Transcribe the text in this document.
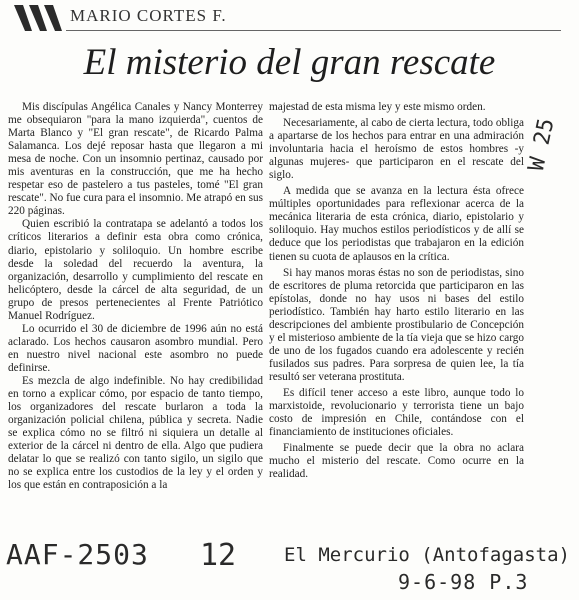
MARIO CORTES F.
El misterio del gran rescate

Mis discípulas Angélica Canales y Nancy Monterrey me obsequiaron "para la mano izquierda", cuentos de Marta Blanco y "El gran rescate", de Ricardo Palma Salamanca. Los dejé reposar hasta que llegaron a mi mesa de noche. Con un insomnio pertinaz, causado por mis aventuras en la construcción, que me ha hecho respetar eso de pastelero a tus pasteles, tomé "El gran rescate". No fue cura para el insomnio. Me atrapó en sus 220 páginas.

Quien escribió la contratapa se adelantó a todos los críticos literarios a definir esta obra como crónica, diario, epistolario y soliloquio. Un hombre escribe desde la soledad del recuerdo la aventura, la organización, desarrollo y cumplimiento del rescate en helicóptero, desde la cárcel de alta seguridad, de un grupo de presos pertenecientes al Frente Patriótico Manuel Rodríguez.

Lo ocurrido el 30 de diciembre de 1996 aún no está aclarado. Los hechos causaron asombro mundial. Pero en nuestro nivel nacional este asombro no puede definirse.

Es mezcla de algo indefinible. No hay credibilidad en torno a explicar cómo, por espacio de tanto tiempo, los organizadores del rescate burlaron a toda la organización policial chilena, pública y secreta. Nadie se explica cómo no se filtró ni siquiera un detalle al exterior de la cárcel ni dentro de ella. Algo que pudiera delatar lo que se realizó con tanto sigilo, un sigilo que no se explica entre los custodios de la ley y el orden y los que están en contraposición a la

majestad de esta misma ley y este mismo orden.

Necesariamente, al cabo de cierta lectura, todo obliga a apartarse de los hechos para entrar en una admiración involuntaria hacia el heroísmo de estos hombres -y algunas mujeres- que participaron en el rescate del siglo.

A medida que se avanza en la lectura ésta ofrece múltiples oportunidades para reflexionar acerca de la mecánica literaria de esta crónica, diario, epistolario y soliloquio. Hay muchos estilos periodísticos y de allí se deduce que los periodistas que trabajaron en la edición tienen su cuota de aplausos en la crítica.

Si hay manos moras éstas no son de periodistas, sino de escritores de pluma retorcida que participaron en las epístolas, donde no hay usos ni bases del estilo periodístico. También hay harto estilo literario en las descripciones del ambiente prostibulario de Concepción y el misterioso ambiente de la tía vieja que se hizo cargo de uno de los fugados cuando era adolescente y recién fusilados sus padres. Para sorpresa de quien lee, la tía resultó ser veterana prostituta.

Es difícil tener acceso a este libro, aunque todo lo marxistoide, revolucionario y terrorista tiene un bajo costo de impresión en Chile, contándose con el financiamiento de instituciones oficiales.

Finalmente se puede decir que la obra no aclara mucho el misterio del rescate. Como ocurre en la realidad.

AAF-2503 12	El Mercurio (Antofagasta)
9-6-98 P.3
W 25
